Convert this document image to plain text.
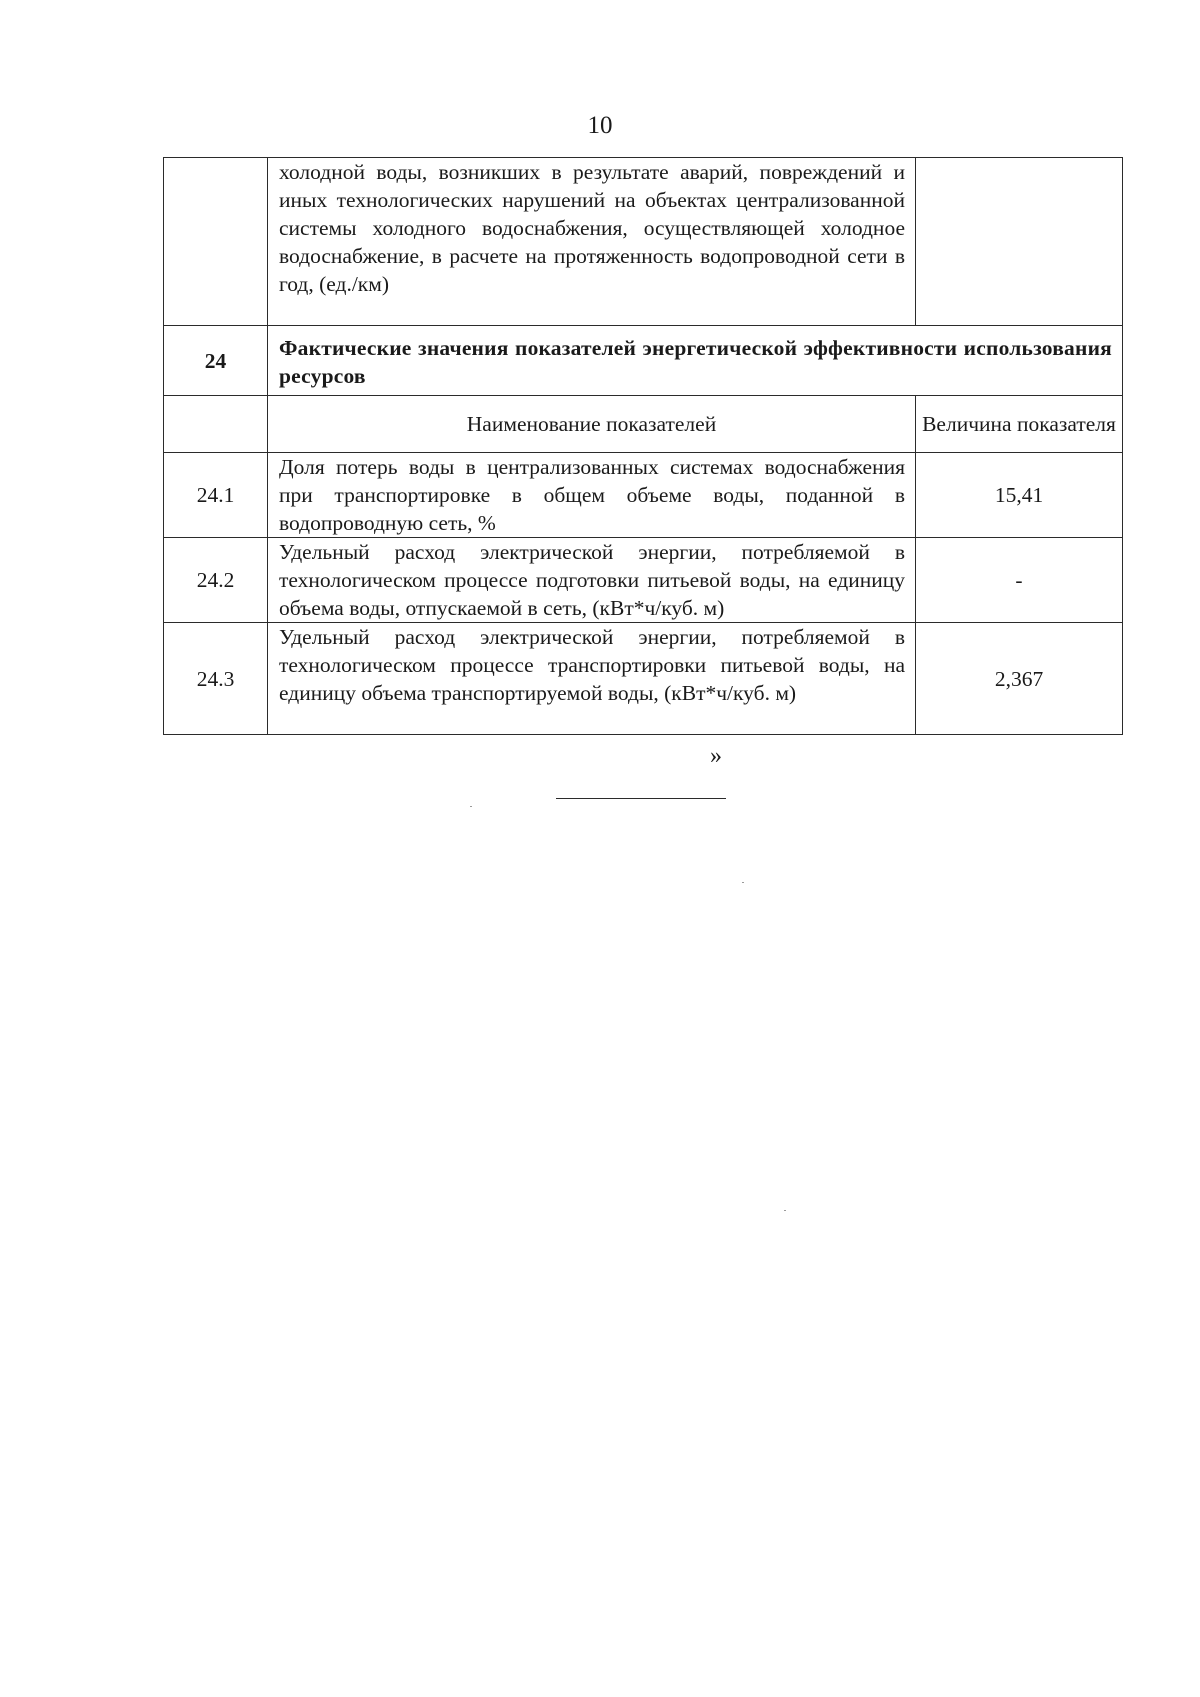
10
	холодной воды, возникших в результате аварий, повреждений и иных технологических нарушений на объектах централизованной системы холодного водоснабжения, осуществляющей холодное водоснабжение, в расчете на протяженность водопроводной сети в год, (ед./км)	
24	Фактические значения показателей энергетической эффективности использования ресурсов	
	Наименование показателей	Величина показателя
24.1	Доля потерь воды в централизованных системах водоснабжения при транспортировке в общем объеме воды, поданной в водопроводную сеть, %	15,41
24.2	Удельный расход электрической энергии, потребляемой в технологическом процессе подготовки питьевой воды, на единицу объема воды, отпускаемой в сеть, (кВт*ч/куб. м)	-
24.3	Удельный расход электрической энергии, потребляемой в технологическом процессе транспортировки питьевой воды, на единицу объема транспортируемой воды, (кВт*ч/куб. м)	2,367
»
